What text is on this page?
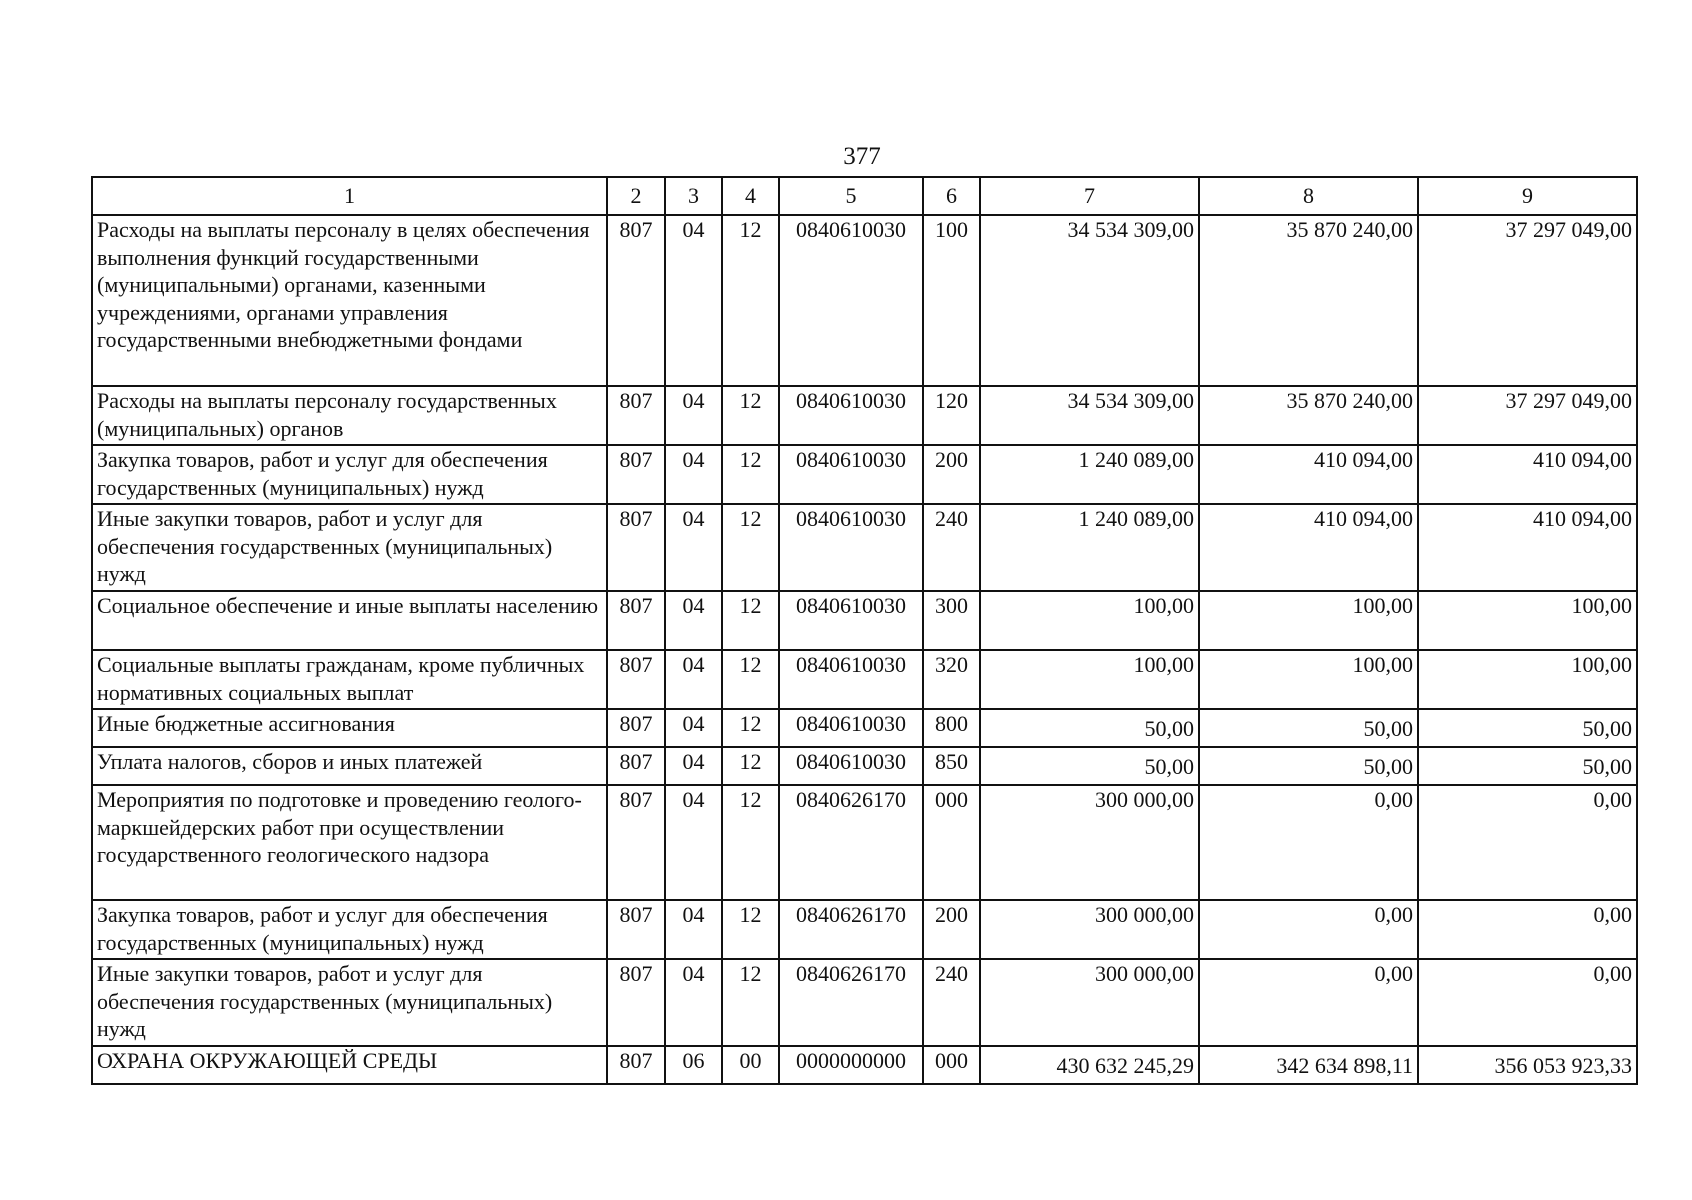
377
1	2	3	4	5	6	7	8	9
Расходы на выплаты персоналу в целях обеспечения выполнения функций государственными (муниципальными) органами, казенными учреждениями, органами управления государственными внебюджетными фондами	807	04	12	0840610030	100	34 534 309,00	35 870 240,00	37 297 049,00
Расходы на выплаты персоналу государственных (муниципальных) органов	807	04	12	0840610030	120	34 534 309,00	35 870 240,00	37 297 049,00
Закупка товаров, работ и услуг для обеспечения государственных (муниципальных) нужд	807	04	12	0840610030	200	1 240 089,00	410 094,00	410 094,00
Иные закупки товаров, работ и услуг для обеспечения государственных (муниципальных) нужд	807	04	12	0840610030	240	1 240 089,00	410 094,00	410 094,00
Социальное обеспечение и иные выплаты населению	807	04	12	0840610030	300	100,00	100,00	100,00
Социальные выплаты гражданам, кроме публичных нормативных социальных выплат	807	04	12	0840610030	320	100,00	100,00	100,00
Иные бюджетные ассигнования	807	04	12	0840610030	800	50,00	50,00	50,00
Уплата налогов, сборов и иных платежей	807	04	12	0840610030	850	50,00	50,00	50,00
Мероприятия по подготовке и проведению геолого-маркшейдерских работ при осуществлении государственного геологического надзора	807	04	12	0840626170	000	300 000,00	0,00	0,00
Закупка товаров, работ и услуг для обеспечения государственных (муниципальных) нужд	807	04	12	0840626170	200	300 000,00	0,00	0,00
Иные закупки товаров, работ и услуг для обеспечения государственных (муниципальных) нужд	807	04	12	0840626170	240	300 000,00	0,00	0,00
ОХРАНА ОКРУЖАЮЩЕЙ СРЕДЫ	807	06	00	0000000000	000	430 632 245,29	342 634 898,11	356 053 923,33
